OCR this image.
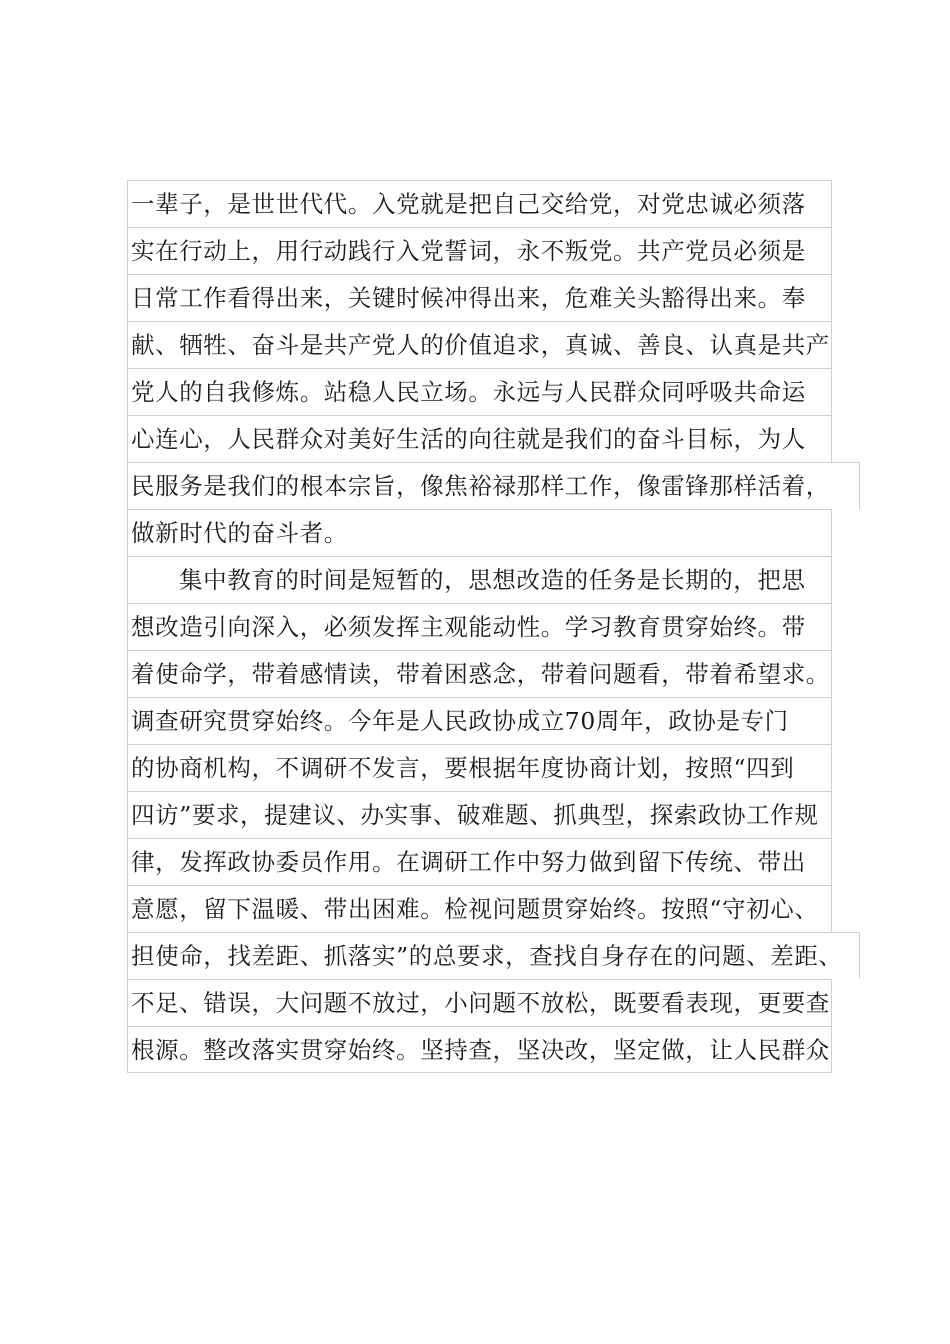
一辈子，是世世代代。入党就是把自己交给党，对党忠诚必须落
实在行动上，用行动践行入党誓词，永不叛党。共产党员必须是
日常工作看得出来，关键时候冲得出来，危难关头豁得出来。奉
献、牺牲、奋斗是共产党人的价值追求，真诚、善良、认真是共产
党人的自我修炼。站稳人民立场。永远与人民群众同呼吸共命运
心连心，人民群众对美好生活的向往就是我们的奋斗目标，为人
民服务是我们的根本宗旨，像焦裕禄那样工作，像雷锋那样活着，
做新时代的奋斗者。
集中教育的时间是短暂的，思想改造的任务是长期的，把思
想改造引向深入，必须发挥主观能动性。学习教育贯穿始终。带
着使命学，带着感情读，带着困惑念，带着问题看，带着希望求。
调查研究贯穿始终。今年是人民政协成立70周年，政协是专门
的协商机构，不调研不发言，要根据年度协商计划，按照“四到
四访”要求，提建议、办实事、破难题、抓典型，探索政协工作规
律，发挥政协委员作用。在调研工作中努力做到留下传统、带出
意愿，留下温暖、带出困难。检视问题贯穿始终。按照“守初心、
担使命，找差距、抓落实”的总要求，查找自身存在的问题、差距、
不足、错误，大问题不放过，小问题不放松，既要看表现，更要查
根源。整改落实贯穿始终。坚持查，坚决改，坚定做，让人民群众
